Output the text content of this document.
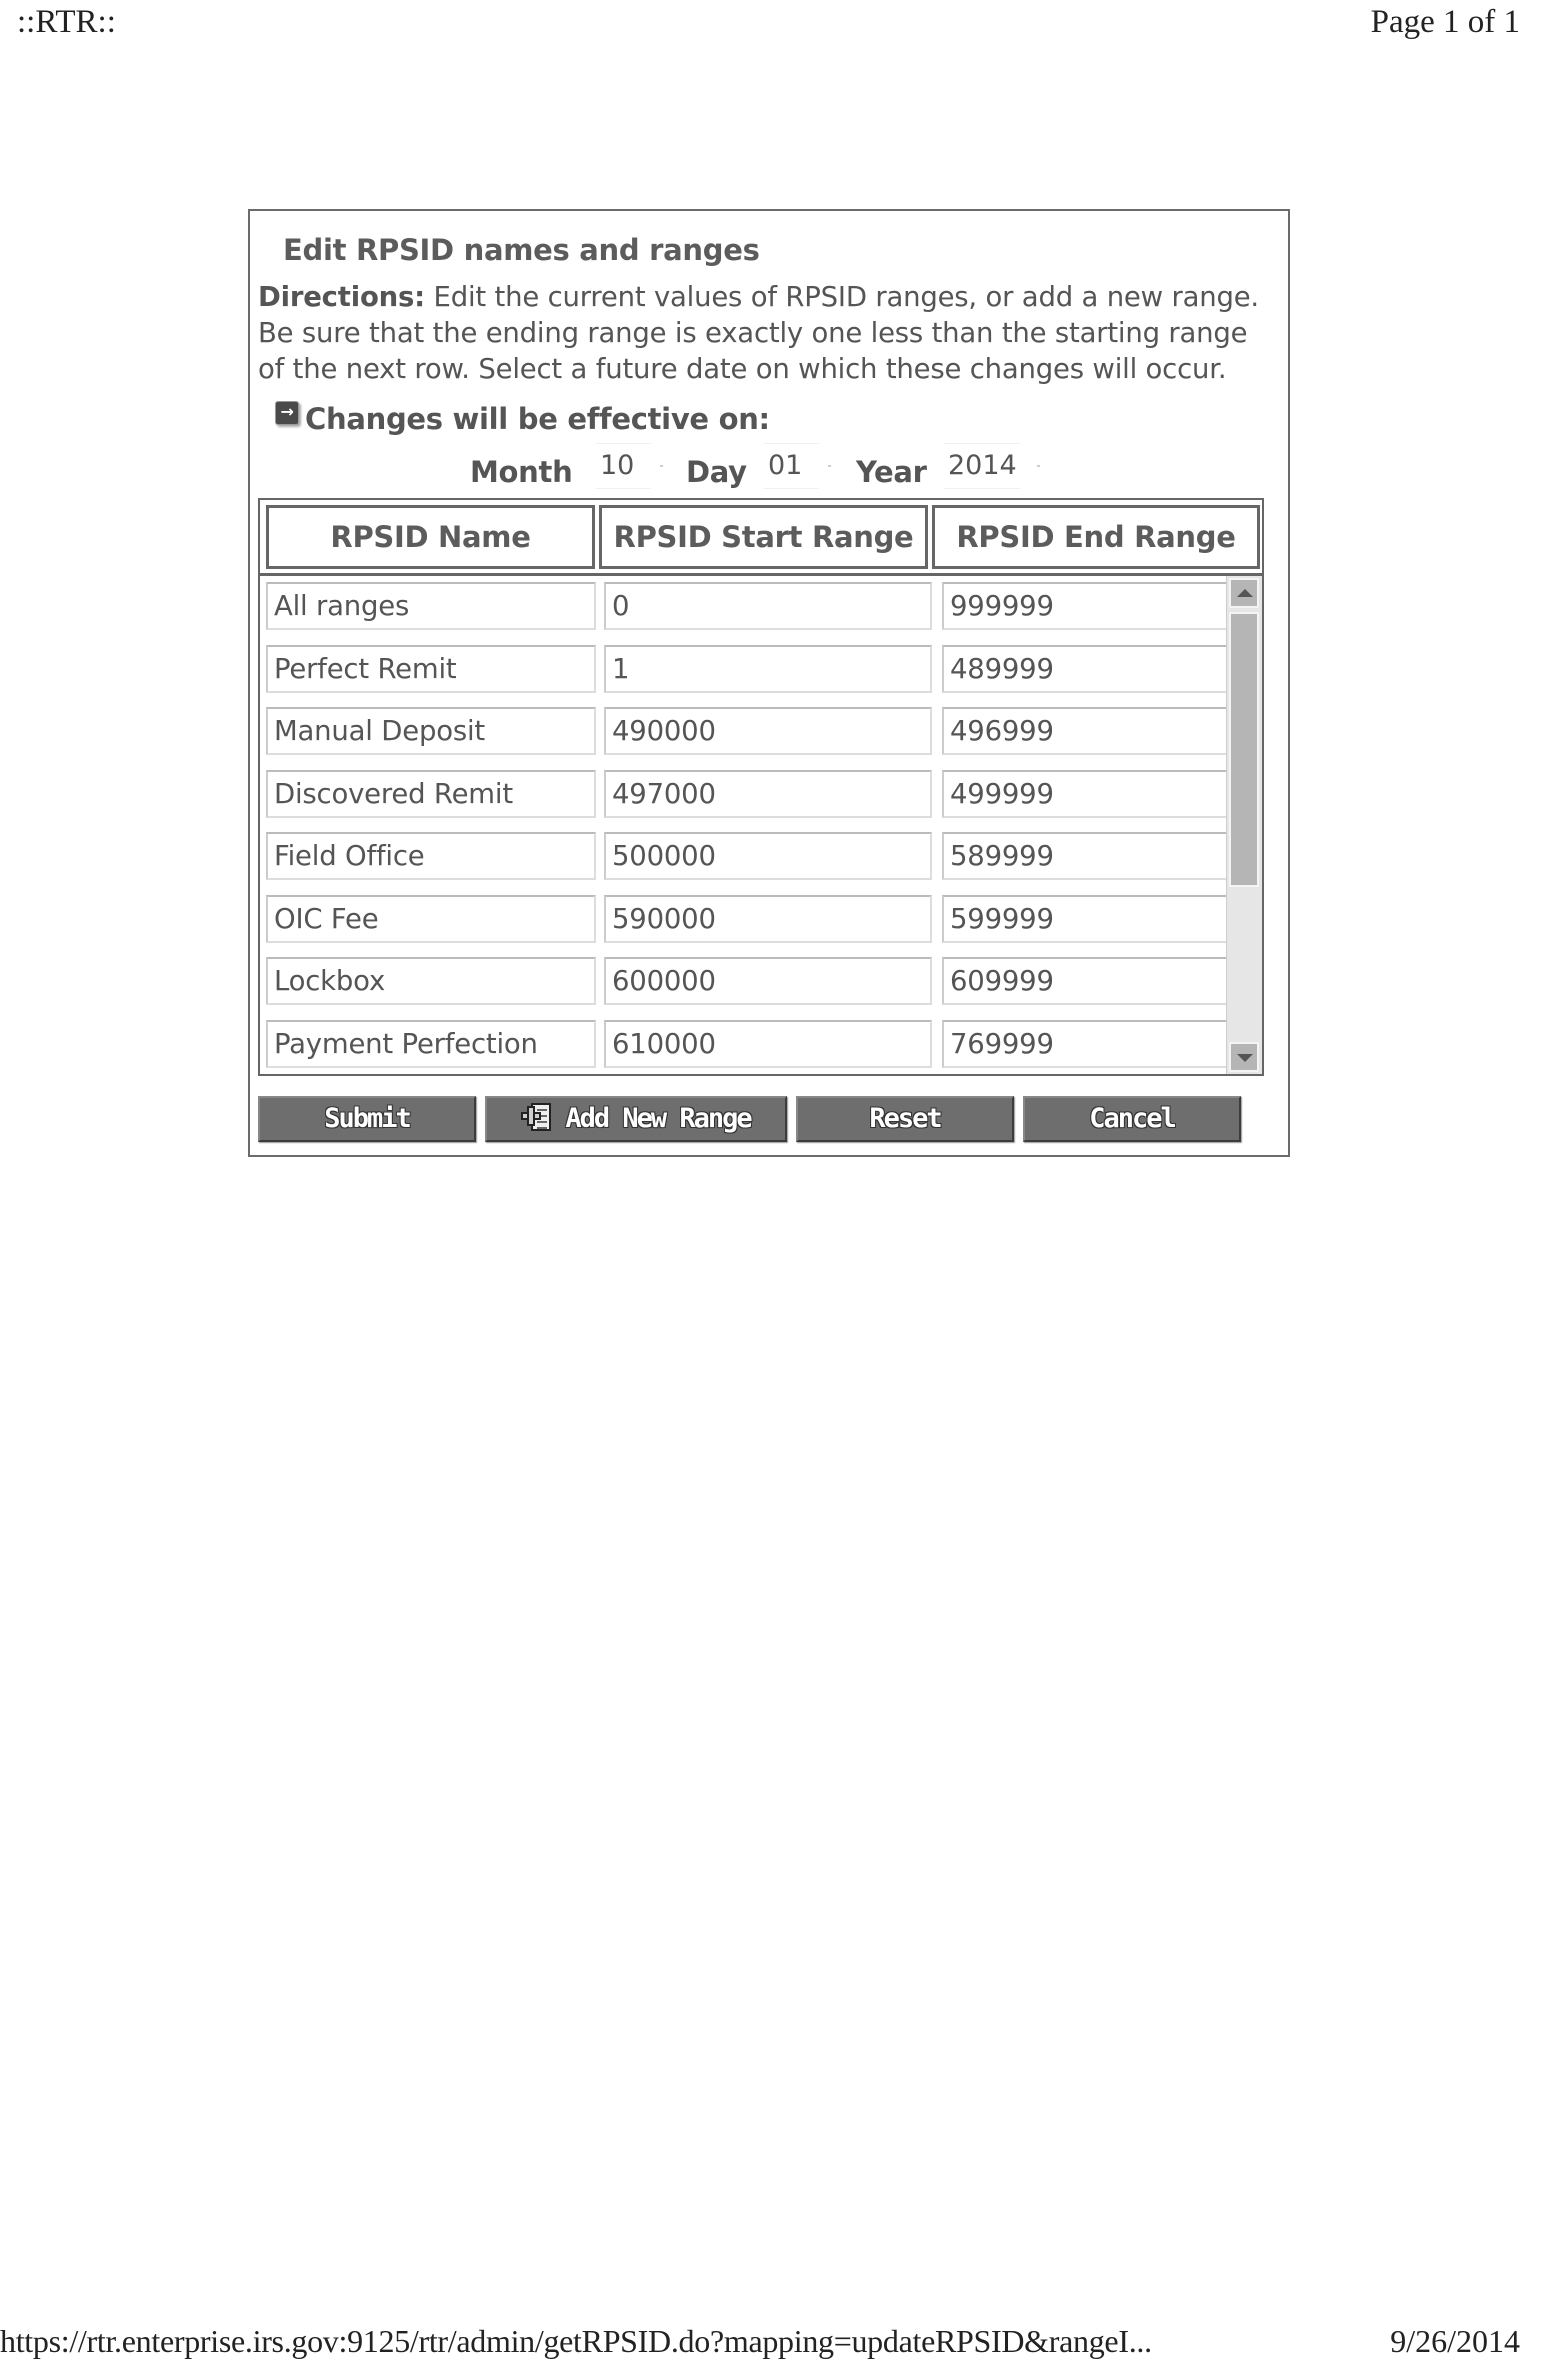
::RTR::	Page 1 of 1
Edit RPSID names and ranges
Directions: Edit the current values of RPSID ranges, or add a new range. Be sure that the ending range is exactly one less than the starting range of the next row. Select a future date on which these changes will occur.
→ Changes will be effective on:
Month 10	Day 01	Year 2014
RPSID Name	RPSID Start Range	RPSID End Range
All ranges	0	999999
Perfect Remit	1	489999
Manual Deposit	490000	496999
Discovered Remit	497000	499999
Field Office	500000	589999
OIC Fee	590000	599999
Lockbox	600000	609999
Payment Perfection	610000	769999
Submit	Add New Range	Reset	Cancel
https://rtr.enterprise.irs.gov:9125/rtr/admin/getRPSID.do?mapping=updateRPSID&rangeI...	9/26/2014
